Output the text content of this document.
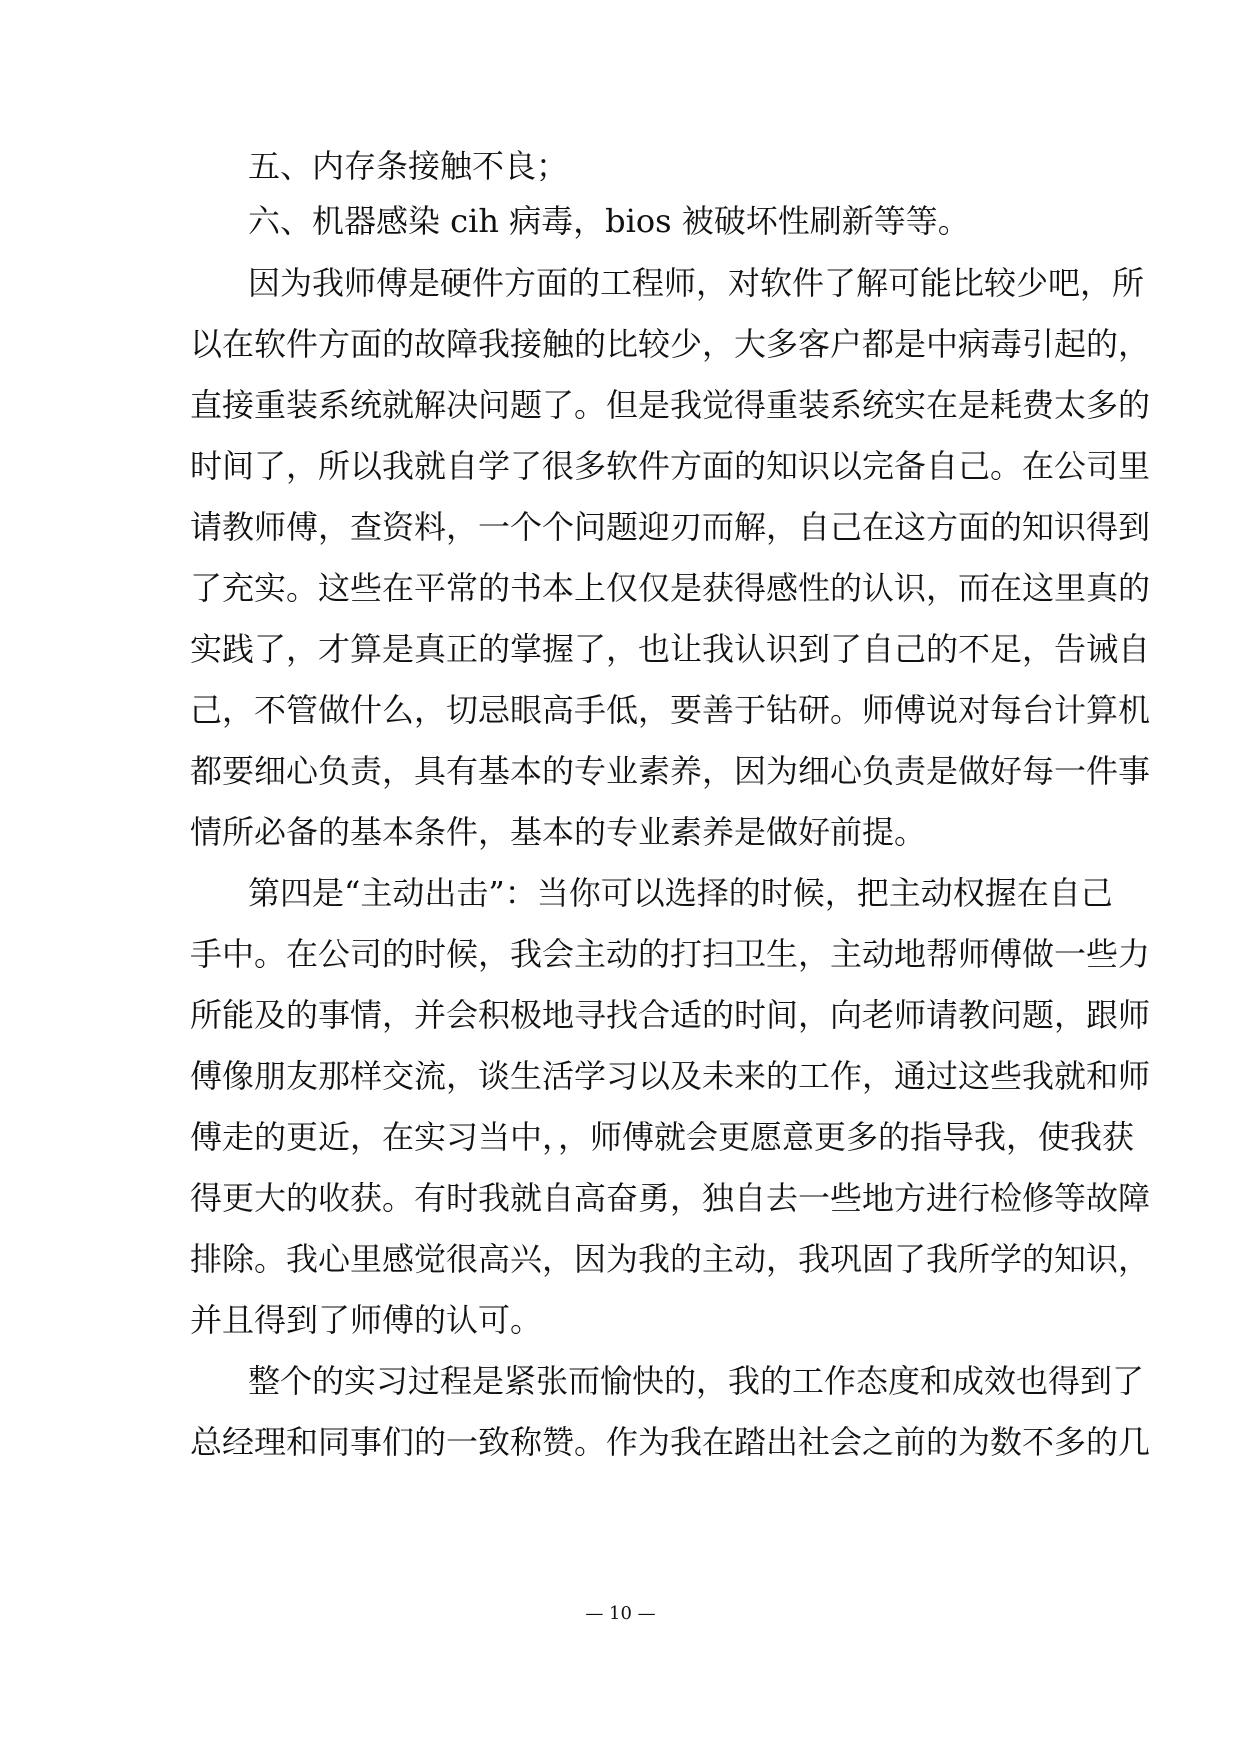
五、内存条接触不良；
六、机器感染 cih 病毒，bios 被破坏性刷新等等。
因为我师傅是硬件方面的工程师，对软件了解可能比较少吧，所
以在软件方面的故障我接触的比较少，大多客户都是中病毒引起的，
直接重装系统就解决问题了。但是我觉得重装系统实在是耗费太多的
时间了，所以我就自学了很多软件方面的知识以完备自己。在公司里
请教师傅，查资料，一个个问题迎刃而解，自己在这方面的知识得到
了充实。这些在平常的书本上仅仅是获得感性的认识，而在这里真的
实践了，才算是真正的掌握了，也让我认识到了自己的不足，告诫自
己，不管做什么，切忌眼高手低，要善于钻研。师傅说对每台计算机
都要细心负责，具有基本的专业素养，因为细心负责是做好每一件事
情所必备的基本条件，基本的专业素养是做好前提。
第四是“主动出击”：当你可以选择的时候，把主动权握在自己
手中。在公司的时候，我会主动的打扫卫生，主动地帮师傅做一些力
所能及的事情，并会积极地寻找合适的时间，向老师请教问题，跟师
傅像朋友那样交流，谈生活学习以及未来的工作，通过这些我就和师
傅走的更近，在实习当中，，师傅就会更愿意更多的指导我，使我获
得更大的收获。有时我就自高奋勇，独自去一些地方进行检修等故障
排除。我心里感觉很高兴，因为我的主动，我巩固了我所学的知识，
并且得到了师傅的认可。
整个的实习过程是紧张而愉快的，我的工作态度和成效也得到了
总经理和同事们的一致称赞。作为我在踏出社会之前的为数不多的几
— 10 —
